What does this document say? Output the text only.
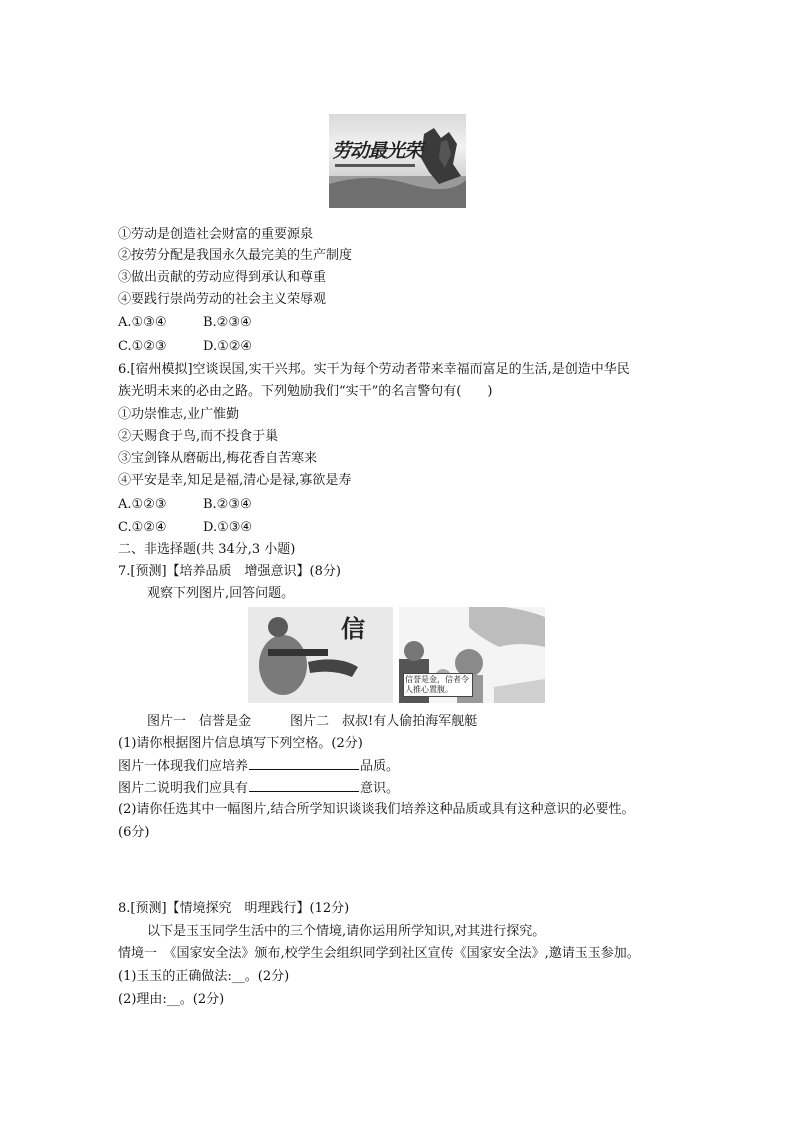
劳动最光荣
①劳动是创造社会财富的重要源泉
②按劳分配是我国永久最完美的生产制度
③做出贡献的劳动应得到承认和尊重
④要践行崇尚劳动的社会主义荣辱观
A.①③④	B.②③④
C.①②③	D.①②④
6.[宿州模拟]空谈误国,实干兴邦。实干为每个劳动者带来幸福而富足的生活,是创造中华民
族光明未来的必由之路。下列勉励我们“实干”的名言警句有(　　)
①功崇惟志,业广惟勤
②天赐食于鸟,而不投食于巢
③宝剑锋从磨砺出,梅花香自苦寒来
④平安是幸,知足是福,清心是禄,寡欲是寿
A.①②③	B.②③④
C.①②④	D.①③④
二、非选择题(共 34分,3 小题)
7.[预测]【培养品质　增强意识】(8分)
观察下列图片,回答问题。
信
信誉是金，信者令人推心置腹。
图片一　信誉是金　　　图片二　叔叔!有人偷拍海军舰艇
(1)请你根据图片信息填写下列空格。(2分)
图片一体现我们应培养	品质。
图片二说明我们应具有	意识。
(2)请你任选其中一幅图片,结合所学知识谈谈我们培养这种品质或具有这种意识的必要性。
(6分)
8.[预测]【情境探究　明理践行】(12分)
以下是玉玉同学生活中的三个情境,请你运用所学知识,对其进行探究。
情境一　《国家安全法》颁布,校学生会组织同学到社区宣传《国家安全法》,邀请玉玉参加。
(1)玉玉的正确做法:__。(2分)
(2)理由:__。(2分)
